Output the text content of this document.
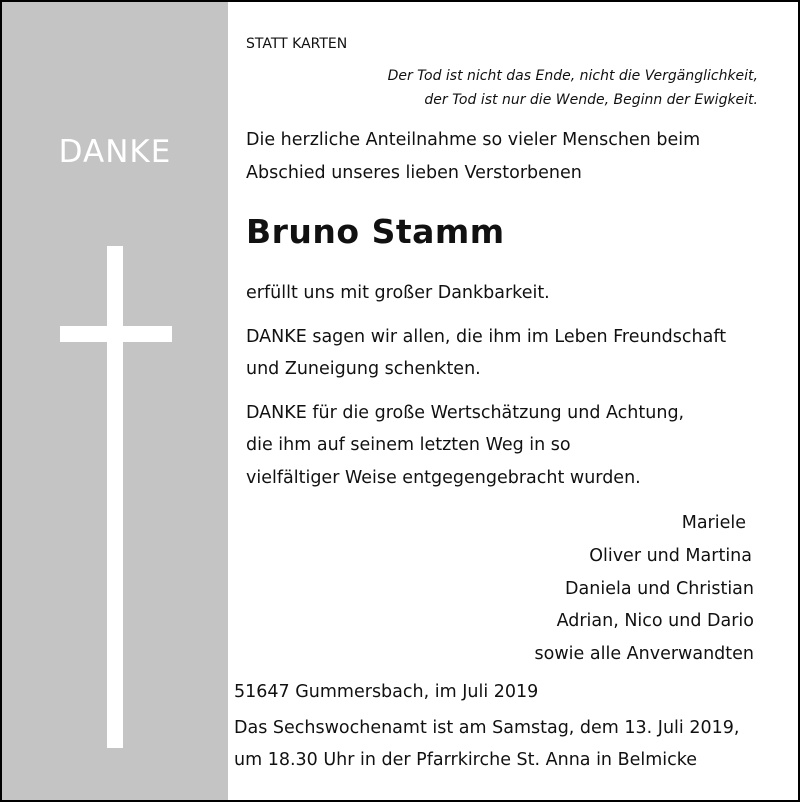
DANKE
STATT KARTEN
Der Tod ist nicht das Ende, nicht die Vergänglichkeit,
der Tod ist nur die Wende, Beginn der Ewigkeit.
Die herzliche Anteilnahme so vieler Menschen beim
Abschied unseres lieben Verstorbenen
Bruno Stamm
erfüllt uns mit großer Dankbarkeit.
DANKE sagen wir allen, die ihm im Leben Freundschaft
und Zuneigung schenkten.
DANKE für die große Wertschätzung und Achtung,
die ihm auf seinem letzten Weg in so
vielfältiger Weise entgegengebracht wurden.
Mariele
Oliver und Martina
Daniela und Christian
Adrian, Nico und Dario
sowie alle Anverwandten
51647 Gummersbach, im Juli 2019
Das Sechswochenamt ist am Samstag, dem 13. Juli 2019,
um 18.30 Uhr in der Pfarrkirche St. Anna in Belmicke
